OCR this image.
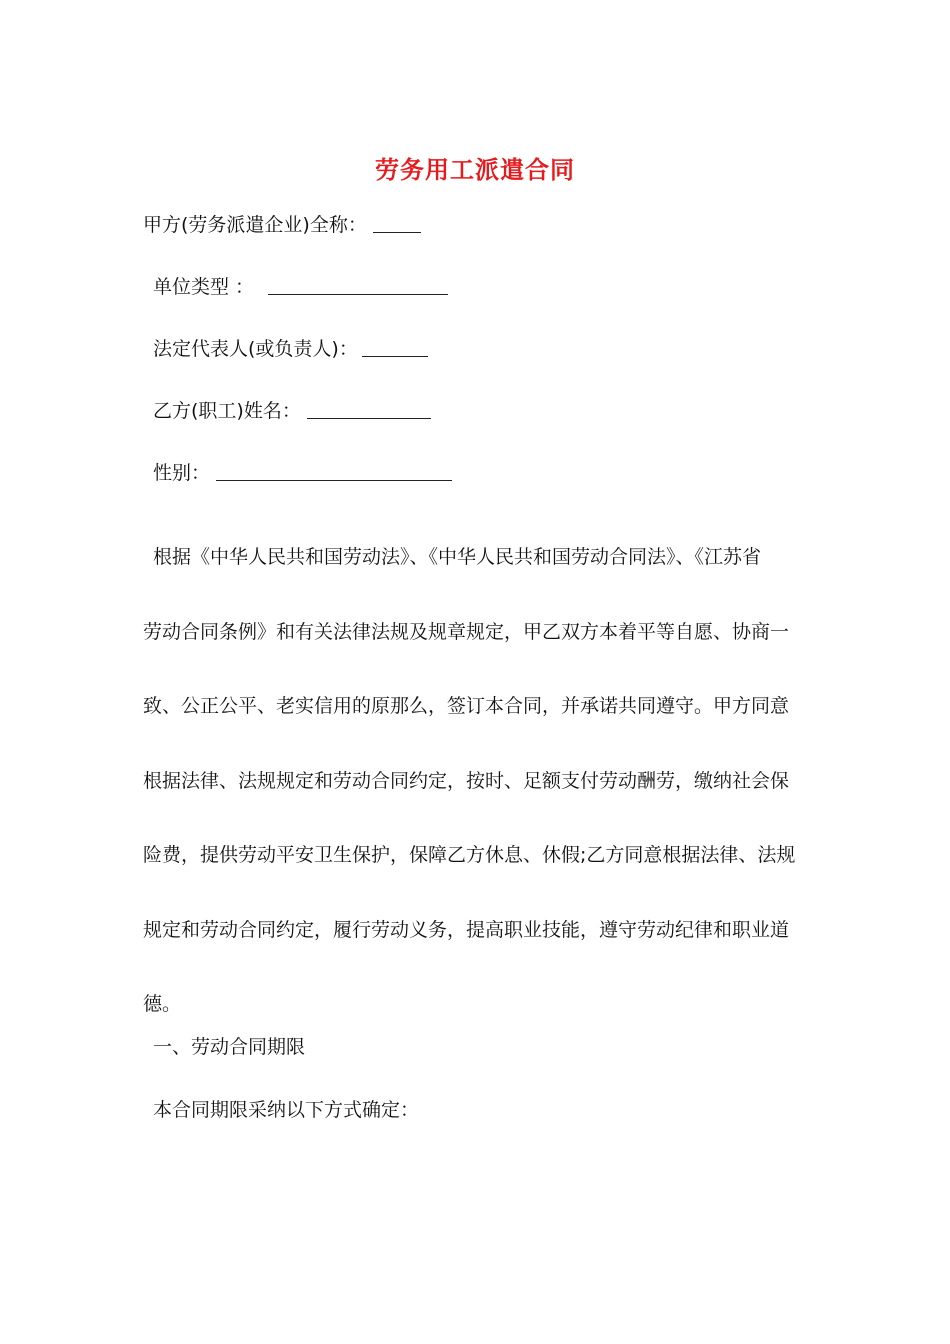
劳务用工派遣合同
甲方(劳务派遣企业)全称：
单位类型 ：
法定代表人(或负责人)：
乙方(职工)姓名：
性别：
根据《中华人民共和国劳动法》、《中华人民共和国劳动合同法》、《江苏省
劳动合同条例》和有关法律法规及规章规定，甲乙双方本着平等自愿、协商一
致、公正公平、老实信用的原那么，签订本合同，并承诺共同遵守。甲方同意
根据法律、法规规定和劳动合同约定，按时、足额支付劳动酬劳，缴纳社会保
险费，提供劳动平安卫生保护，保障乙方休息、休假;乙方同意根据法律、法规
规定和劳动合同约定，履行劳动义务，提高职业技能，遵守劳动纪律和职业道
德。
一、劳动合同期限
本合同期限采纳以下方式确定：
